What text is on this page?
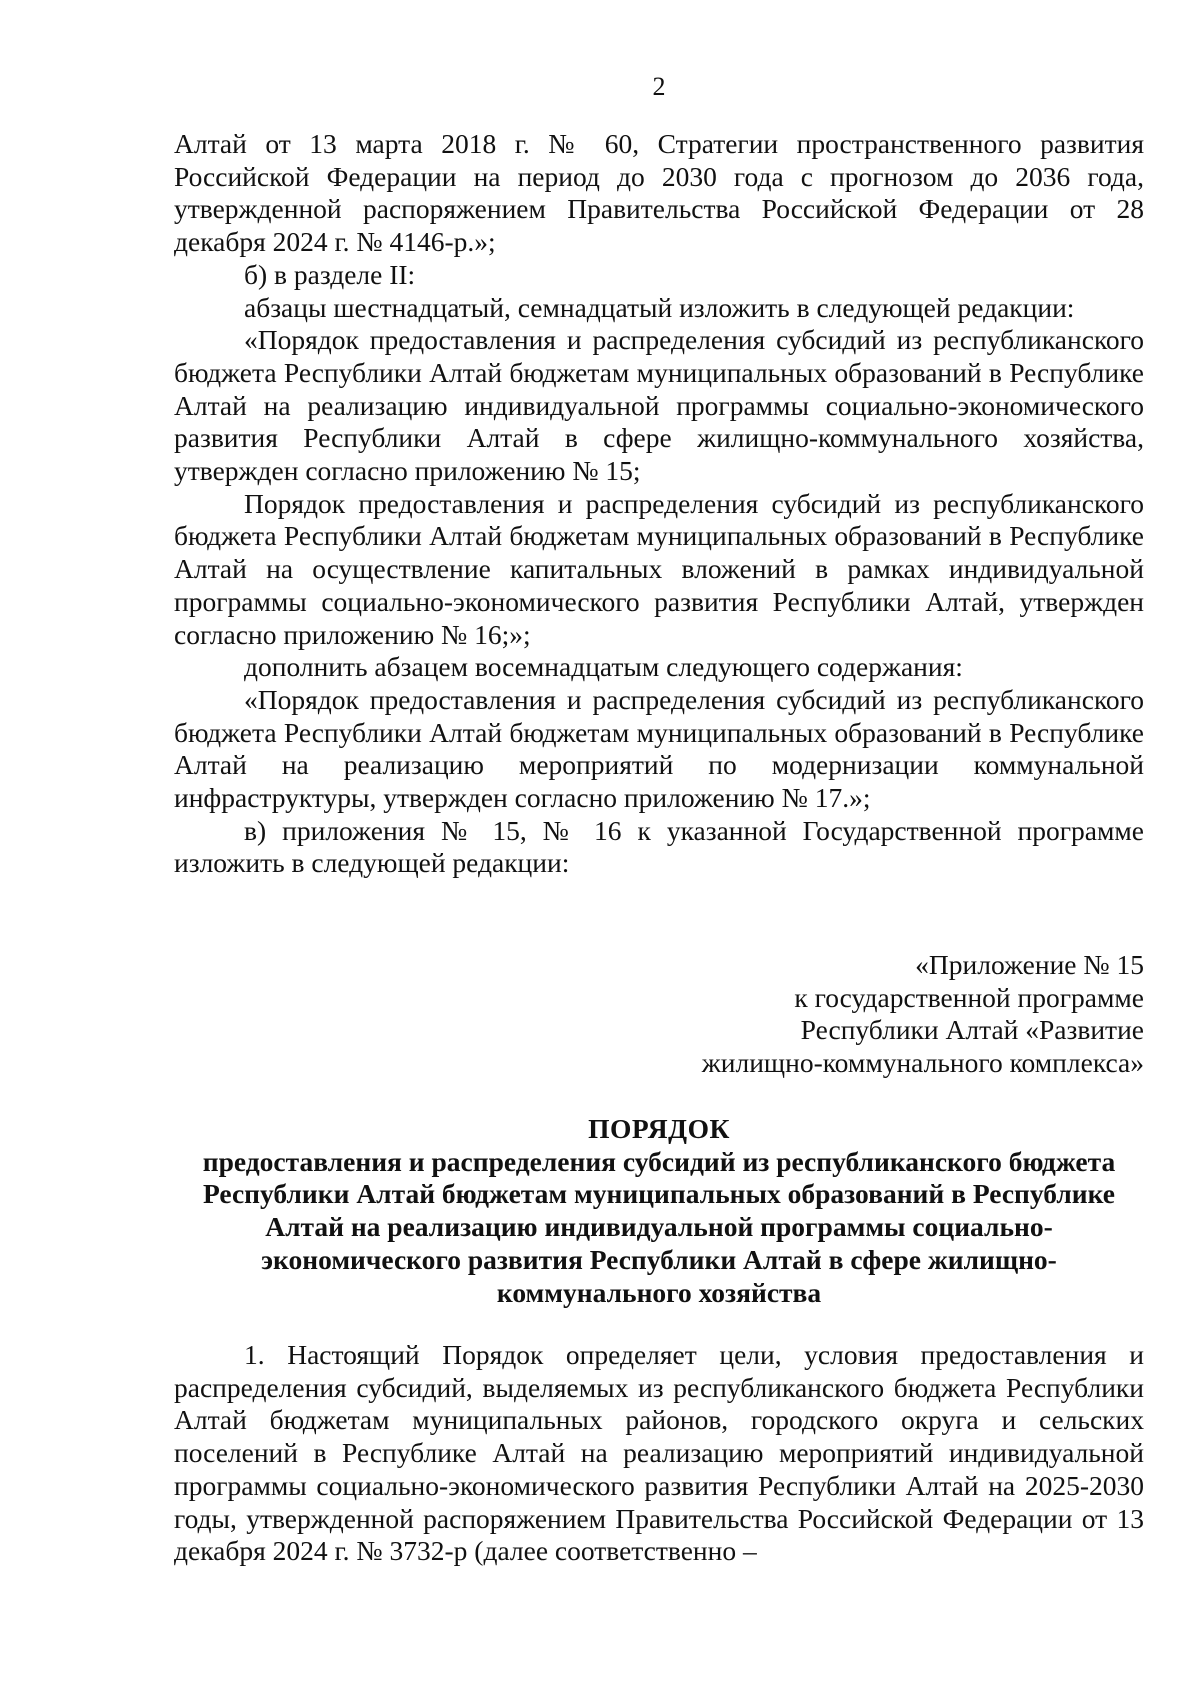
2

Алтай от 13 марта 2018 г. № 60, Стратегии пространственного развития Российской Федерации на период до 2030 года с прогнозом до 2036 года, утвержденной распоряжением Правительства Российской Федерации от 28 декабря 2024 г. № 4146-р.»;

б) в разделе II:

абзацы шестнадцатый, семнадцатый изложить в следующей редакции:

«Порядок предоставления и распределения субсидий из республиканского бюджета Республики Алтай бюджетам муниципальных образований в Республике Алтай на реализацию индивидуальной программы социально-экономического развития Республики Алтай в сфере жилищно-коммунального хозяйства, утвержден согласно приложению № 15;

Порядок предоставления и распределения субсидий из республиканского бюджета Республики Алтай бюджетам муниципальных образований в Республике Алтай на осуществление капитальных вложений в рамках индивидуальной программы социально-экономического развития Республики Алтай, утвержден согласно приложению № 16;»;

дополнить абзацем восемнадцатым следующего содержания:

«Порядок предоставления и распределения субсидий из республиканского бюджета Республики Алтай бюджетам муниципальных образований в Республике Алтай на реализацию мероприятий по модернизации коммунальной инфраструктуры, утвержден согласно приложению № 17.»;

в) приложения № 15, № 16 к указанной Государственной программе изложить в следующей редакции:

«Приложение № 15
к государственной программе
Республики Алтай «Развитие
жилищно-коммунального комплекса»
ПОРЯДОК
предоставления и распределения субсидий из республиканского бюджета
Республики Алтай бюджетам муниципальных образований в Республике
Алтай на реализацию индивидуальной программы социально-
экономического развития Республики Алтай в сфере жилищно-
коммунального хозяйства

1. Настоящий Порядок определяет цели, условия предоставления и распределения субсидий, выделяемых из республиканского бюджета Республики Алтай бюджетам муниципальных районов, городского округа и сельских поселений в Республике Алтай на реализацию мероприятий индивидуальной программы социально-экономического развития Республики Алтай на 2025-2030 годы, утвержденной распоряжением Правительства Российской Федерации от 13 декабря 2024 г. № 3732-р (далее соответственно –
